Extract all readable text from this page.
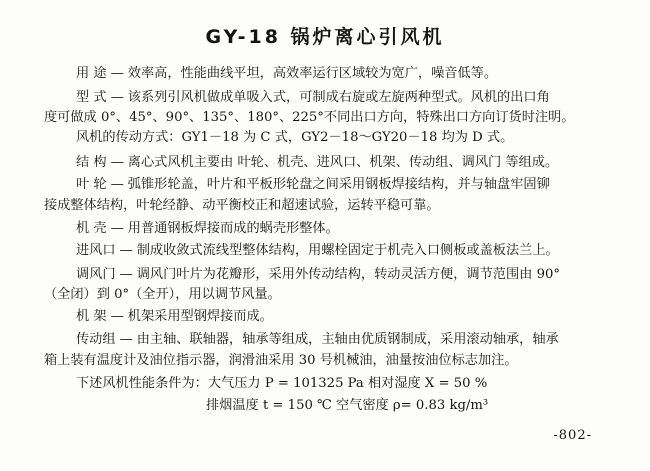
GY-18 锅炉离心引风机
用 途 — 效率高，性能曲线平坦，高效率运行区域较为宽广，噪音低等。
型 式 — 该系列引风机做成单吸入式，可制成右旋或左旋两种型式。风机的出口角
度可做成 0°、45°、90°、135°、180°、225°不同出口方向，特殊出口方向订货时注明。
风机的传动方式：GY1－18 为 C 式，GY2－18～GY20－18 均为 D 式。
结 构 — 离心式风机主要由 叶轮、机壳、进风口、机架、传动组、调风门 等组成。
叶 轮 — 弧锥形轮盖，叶片和平板形轮盘之间采用钢板焊接结构，并与轴盘牢固铆
接成整体结构，叶轮经静、动平衡校正和超速试验，运转平稳可靠。
机 壳 — 用普通钢板焊接而成的蜗壳形整体。
进风口 — 制成收敛式流线型整体结构，用螺栓固定于机壳入口侧板或盖板法兰上。
调风门 — 调风门叶片为花瓣形，采用外传动结构，转动灵活方便，调节范围由 90°
（全闭）到 0°（全开），用以调节风量。
机 架 — 机架采用型钢焊接而成。
传动组 — 由主轴、联轴器，轴承等组成，主轴由优质钢制成，采用滚动轴承，轴承
箱上装有温度计及油位指示器，润滑油采用 30 号机械油，油量按油位标志加注。
下述风机性能条件为：大气压力 P = 101325 Pa 相对湿度 X = 50 %
排烟温度 t = 150 ℃ 空气密度 ρ= 0.83 kg/m³
-802-
